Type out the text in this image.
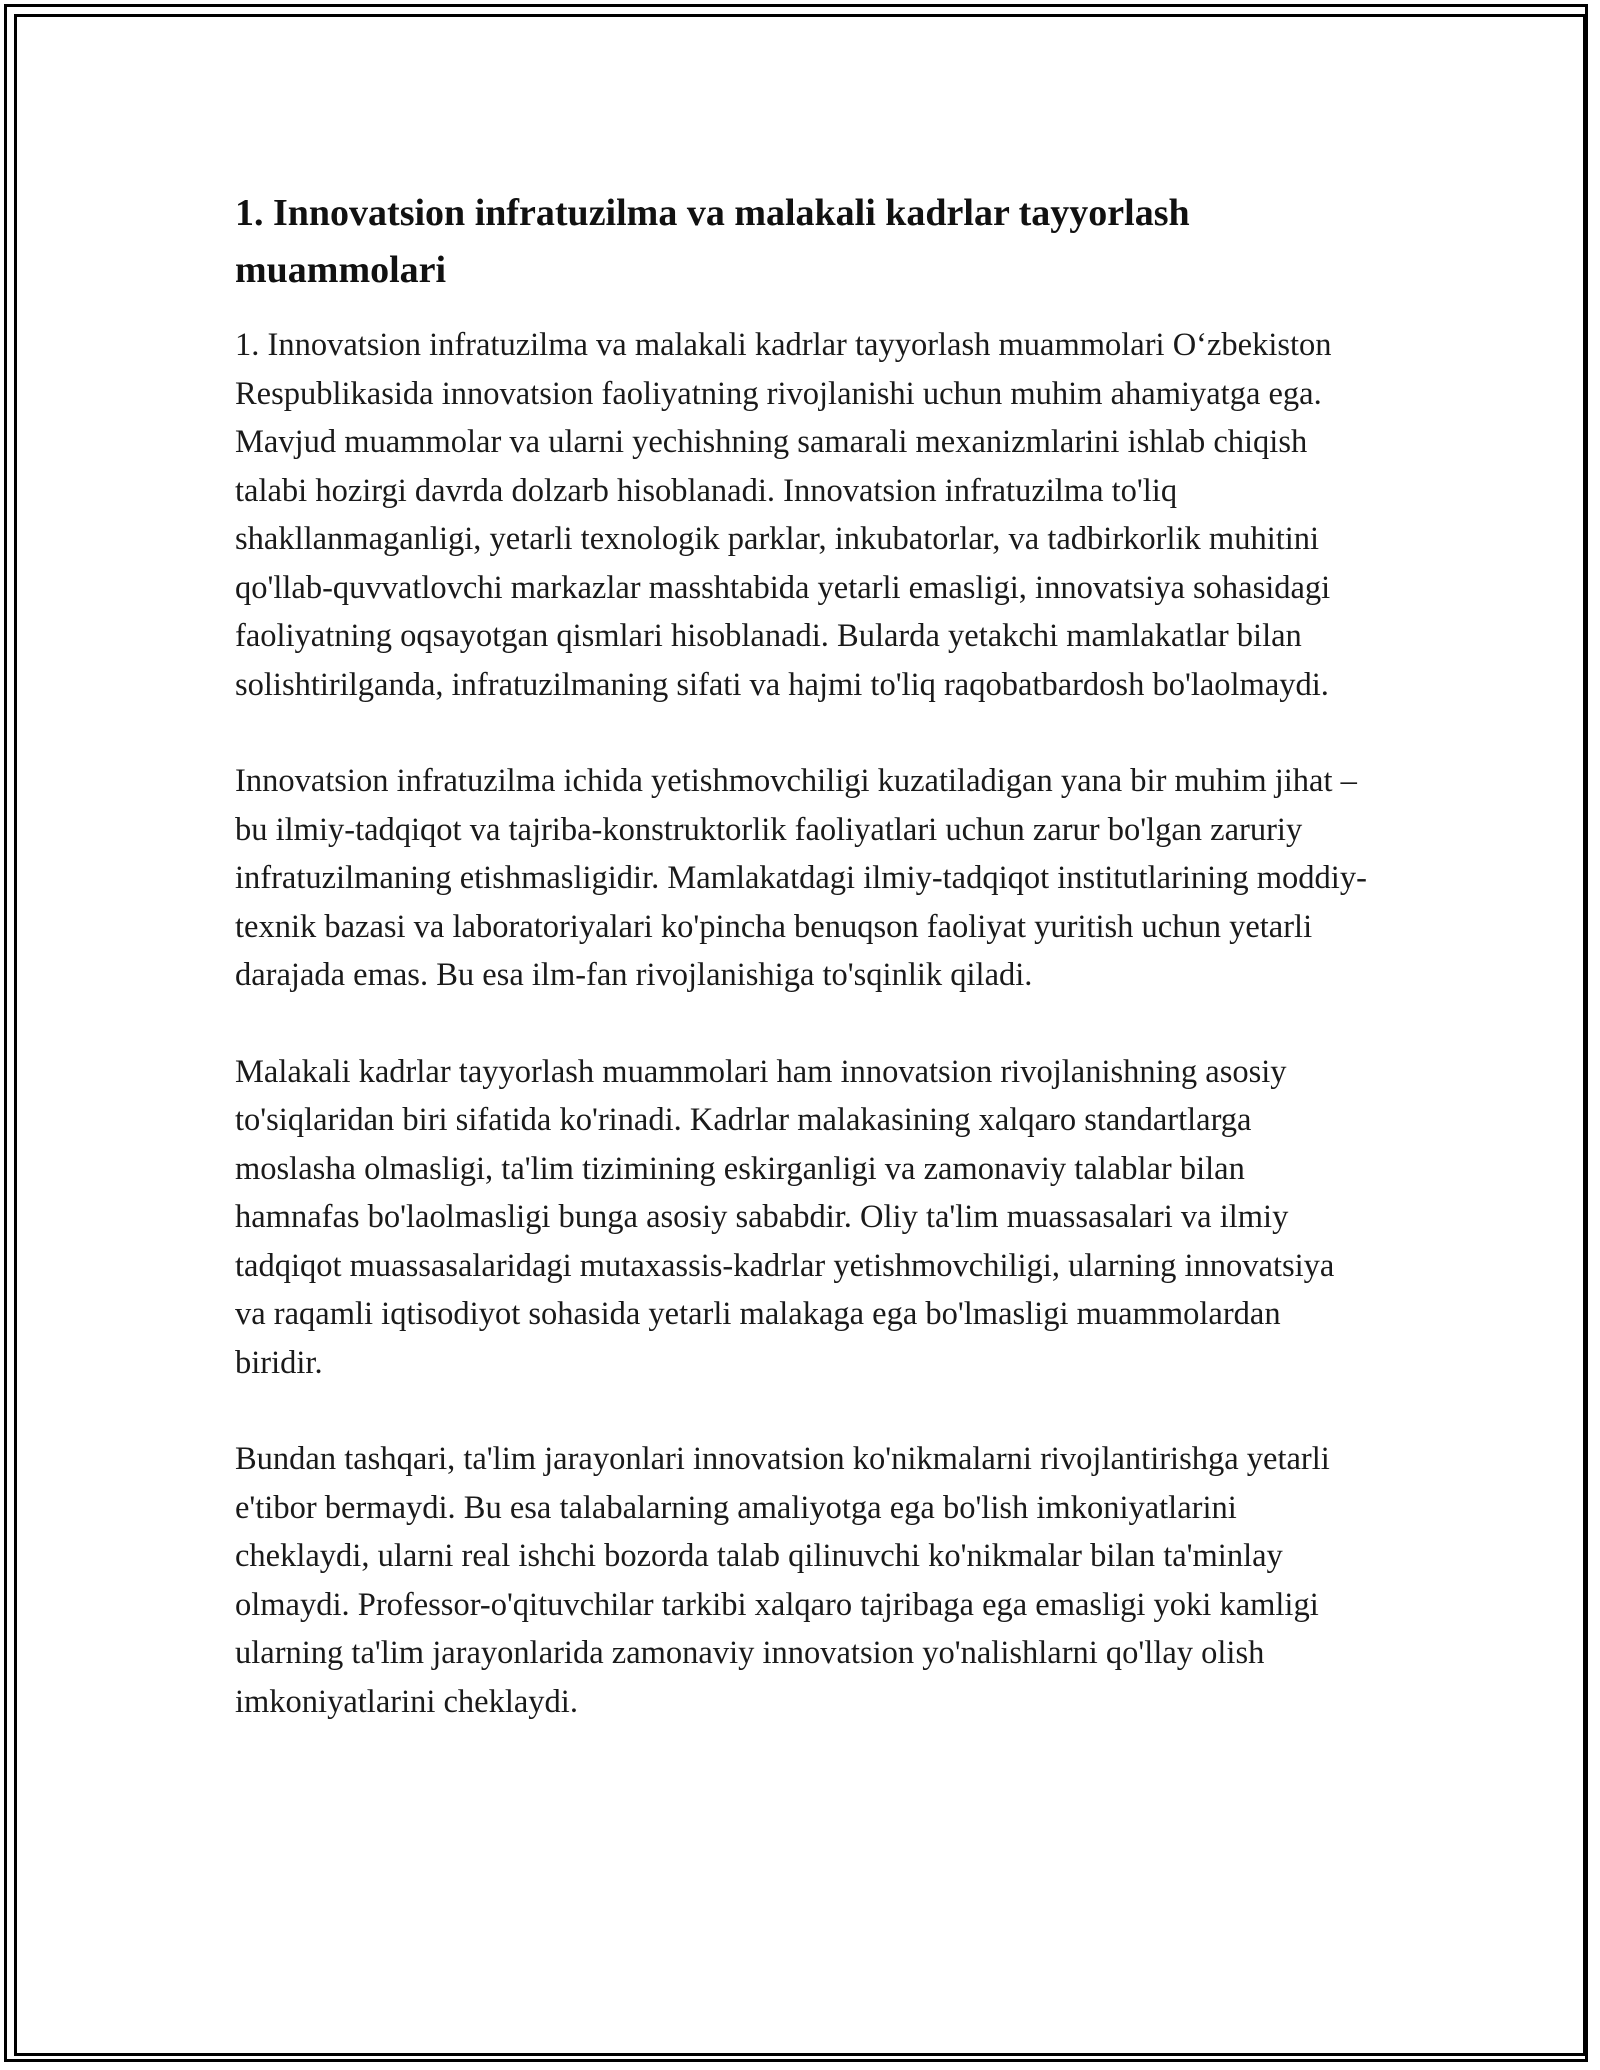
1. Innovatsion infratuzilma va malakali kadrlar tayyorlash muammolari

1. Innovatsion infratuzilma va malakali kadrlar tayyorlash muammolari O‘zbekiston Respublikasida innovatsion faoliyatning rivojlanishi uchun muhim ahamiyatga ega. Mavjud muammolar va ularni yechishning samarali mexanizmlarini ishlab chiqish talabi hozirgi davrda dolzarb hisoblanadi. Innovatsion infratuzilma to'liq shakllanmaganligi, yetarli texnologik parklar, inkubatorlar, va tadbirkorlik muhitini qo'llab-quvvatlovchi markazlar masshtabida yetarli emasligi, innovatsiya sohasidagi faoliyatning oqsayotgan qismlari hisoblanadi. Bularda yetakchi mamlakatlar bilan solishtirilganda, infratuzilmaning sifati va hajmi to'liq raqobatbardosh bo'laolmaydi.

Innovatsion infratuzilma ichida yetishmovchiligi kuzatiladigan yana bir muhim jihat – bu ilmiy-tadqiqot va tajriba-konstruktorlik faoliyatlari uchun zarur bo'lgan zaruriy infratuzilmaning etishmasligidir. Mamlakatdagi ilmiy-tadqiqot institutlarining moddiy-texnik bazasi va laboratoriyalari ko'pincha benuqson faoliyat yuritish uchun yetarli darajada emas. Bu esa ilm-fan rivojlanishiga to'sqinlik qiladi.

Malakali kadrlar tayyorlash muammolari ham innovatsion rivojlanishning asosiy to'siqlaridan biri sifatida ko'rinadi. Kadrlar malakasining xalqaro standartlarga moslasha olmasligi, ta'lim tizimining eskirganligi va zamonaviy talablar bilan hamnafas bo'laolmasligi bunga asosiy sababdir. Oliy ta'lim muassasalari va ilmiy tadqiqot muassasalaridagi mutaxassis-kadrlar yetishmovchiligi, ularning innovatsiya va raqamli iqtisodiyot sohasida yetarli malakaga ega bo'lmasligi muammolardan biridir.

Bundan tashqari, ta'lim jarayonlari innovatsion ko'nikmalarni rivojlantirishga yetarli e'tibor bermaydi. Bu esa talabalarning amaliyotga ega bo'lish imkoniyatlarini cheklaydi, ularni real ishchi bozorda talab qilinuvchi ko'nikmalar bilan ta'minlay olmaydi. Professor-o'qituvchilar tarkibi xalqaro tajribaga ega emasligi yoki kamligi ularning ta'lim jarayonlarida zamonaviy innovatsion yo'nalishlarni qo'llay olish imkoniyatlarini cheklaydi.
